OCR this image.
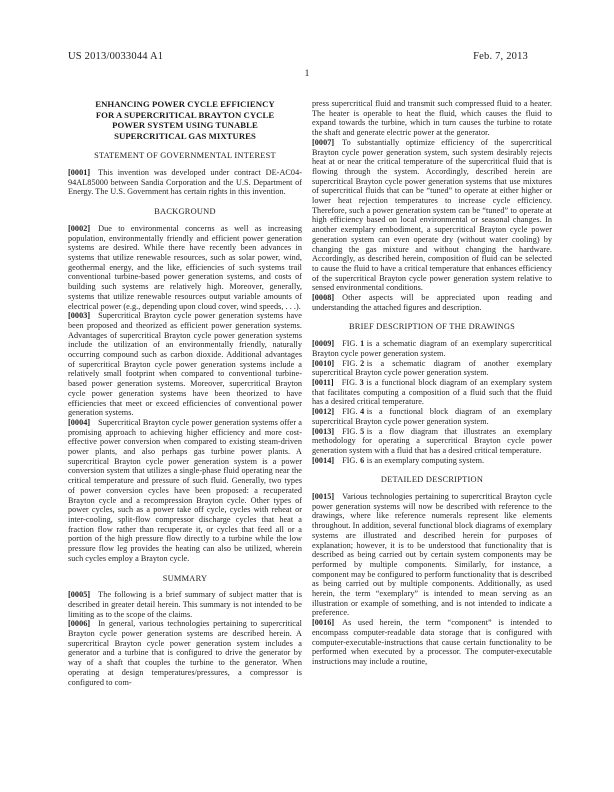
US 2013/0033044 A1	Feb. 7, 2013
1
ENHANCING POWER CYCLE EFFICIENCY
FOR A SUPERCRITICAL BRAYTON CYCLE
POWER SYSTEM USING TUNABLE
SUPERCRITICAL GAS MIXTURES
STATEMENT OF GOVERNMENTAL INTEREST

[0001] This invention was developed under contract DE-AC04-94AL85000 between Sandia Corporation and the U.S. Department of Energy. The U.S. Government has certain rights in this invention.

BACKGROUND

[0002] Due to environmental concerns as well as increasing population, environmentally friendly and efficient power generation systems are desired. While there have recently been advances in systems that utilize renewable resources, such as solar power, wind, geothermal energy, and the like, efficiencies of such systems trail conventional turbine-based power generation systems, and costs of building such systems are relatively high. Moreover, generally, systems that utilize renewable resources output variable amounts of electrical power (e.g., depending upon cloud cover, wind speeds, . . .).

[0003] Supercritical Brayton cycle power generation systems have been proposed and theorized as efficient power generation systems. Advantages of supercritical Brayton cycle power generation systems include the utilization of an environmentally friendly, naturally occurring compound such as carbon dioxide. Additional advantages of supercritical Brayton cycle power generation systems include a relatively small footprint when compared to conventional turbine-based power generation systems. Moreover, supercritical Brayton cycle power generation systems have been theorized to have efficiencies that meet or exceed efficiencies of conventional power generation systems.

[0004] Supercritical Brayton cycle power generation systems offer a promising approach to achieving higher efficiency and more cost-effective power conversion when compared to existing steam-driven power plants, and also perhaps gas turbine power plants. A supercritical Brayton cycle power generation system is a power conversion system that utilizes a single-phase fluid operating near the critical temperature and pressure of such fluid. Generally, two types of power conversion cycles have been proposed: a recuperated Brayton cycle and a recompression Brayton cycle. Other types of power cycles, such as a power take off cycle, cycles with reheat or inter-cooling, split-flow compressor discharge cycles that heat a fraction flow rather than recuperate it, or cycles that feed all or a portion of the high pressure flow directly to a turbine while the low pressure flow leg provides the heating can also be utilized, wherein such cycles employ a Brayton cycle.

SUMMARY

[0005] The following is a brief summary of subject matter that is described in greater detail herein. This summary is not intended to be limiting as to the scope of the claims.

[0006] In general, various technologies pertaining to supercritical Brayton cycle power generation systems are described herein. A supercritical Brayton cycle power generation system includes a generator and a turbine that is configured to drive the generator by way of a shaft that couples the turbine to the generator. When operating at design temperatures/pressures, a compressor is configured to com-

press supercritical fluid and transmit such compressed fluid to a heater. The heater is operable to heat the fluid, which causes the fluid to expand towards the turbine, which in turn causes the turbine to rotate the shaft and generate electric power at the generator.

[0007] To substantially optimize efficiency of the supercritical Brayton cycle power generation system, such system desirably rejects heat at or near the critical temperature of the supercritical fluid that is flowing through the system. Accordingly, described herein are supercritical Brayton cycle power generation systems that use mixtures of supercritical fluids that can be “tuned” to operate at either higher or lower heat rejection temperatures to increase cycle efficiency. Therefore, such a power generation system can be “tuned” to operate at high efficiency based on local environmental or seasonal changes. In another exemplary embodiment, a supercritical Brayton cycle power generation system can even operate dry (without water cooling) by changing the gas mixture and without changing the hardware. Accordingly, as described herein, composition of fluid can be selected to cause the fluid to have a critical temperature that enhances efficiency of the supercritical Brayton cycle power generation system relative to sensed environmental conditions.

[0008] Other aspects will be appreciated upon reading and understanding the attached figures and description.

BRIEF DESCRIPTION OF THE DRAWINGS

[0009] FIG. 1 is a schematic diagram of an exemplary supercritical Brayton cycle power generation system.

[0010] FIG. 2 is a schematic diagram of another exemplary supercritical Brayton cycle power generation system.

[0011] FIG. 3 is a functional block diagram of an exemplary system that facilitates computing a composition of a fluid such that the fluid has a desired critical temperature.

[0012] FIG. 4 is a functional block diagram of an exemplary supercritical Brayton cycle power generation system.

[0013] FIG. 5 is a flow diagram that illustrates an exemplary methodology for operating a supercritical Brayton cycle power generation system with a fluid that has a desired critical temperature.

[0014] FIG. 6 is an exemplary computing system.

DETAILED DESCRIPTION

[0015] Various technologies pertaining to supercritical Brayton cycle power generation systems will now be described with reference to the drawings, where like reference numerals represent like elements throughout. In addition, several functional block diagrams of exemplary systems are illustrated and described herein for purposes of explanation; however, it is to be understood that functionality that is described as being carried out by certain system components may be performed by multiple components. Similarly, for instance, a component may be configured to perform functionality that is described as being carried out by multiple components. Additionally, as used herein, the term “exemplary” is intended to mean serving as an illustration or example of something, and is not intended to indicate a preference.

[0016] As used herein, the term “component” is intended to encompass computer-readable data storage that is configured with computer-executable-instructions that cause certain functionality to be performed when executed by a processor. The computer-executable instructions may include a routine,
